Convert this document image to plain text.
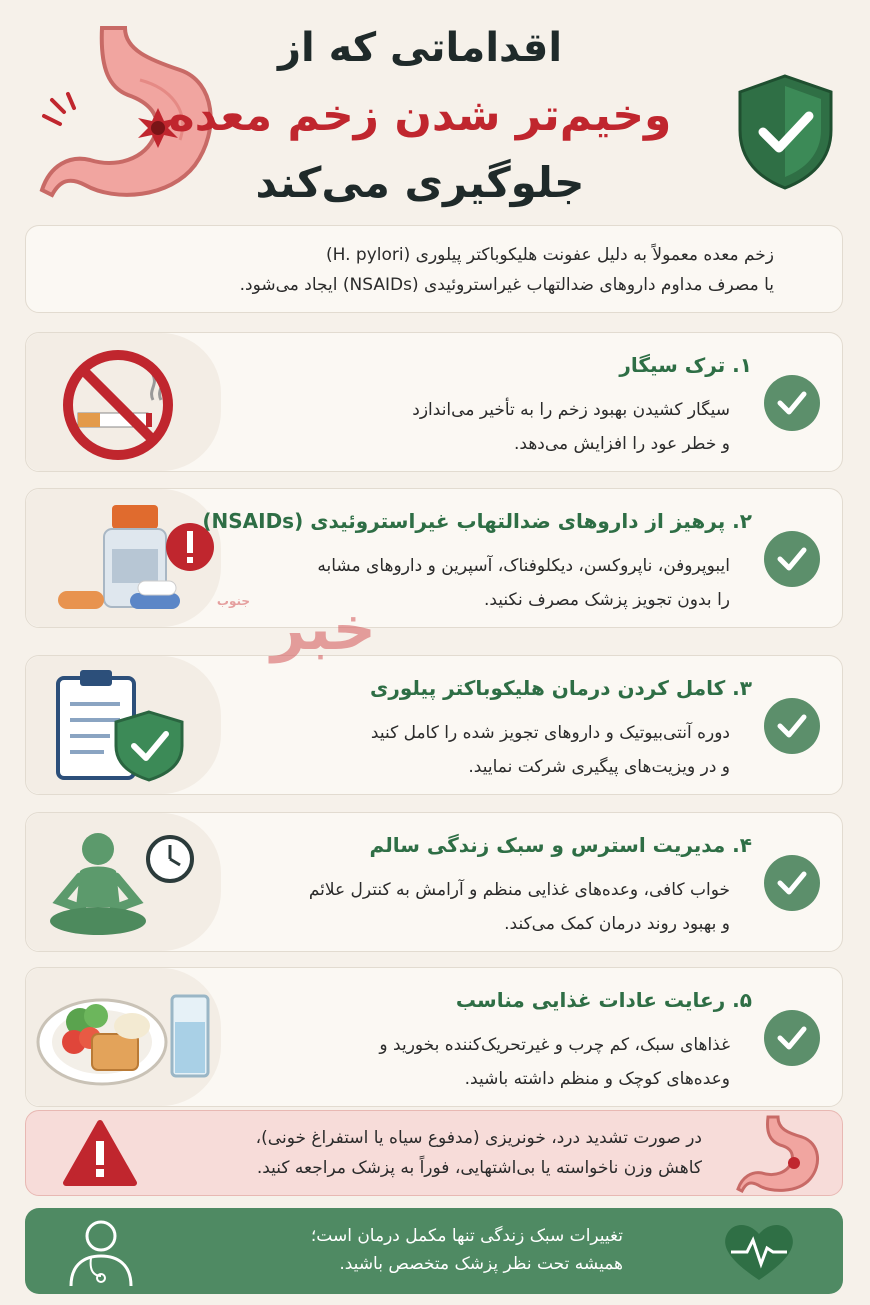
اقداماتی که از
وخیم‌تر شدن زخم معده
جلوگیری می‌کند
زخم معده معمولاً به دلیل عفونت هلیکوباکتر پیلوری (H. pylori)
یا مصرف مداوم داروهای ضدالتهاب غیراستروئیدی (NSAIDs) ایجاد می‌شود.
۱. ترک سیگار
سیگار کشیدن بهبود زخم را به تأخیر می‌اندازد
و خطر عود را افزایش می‌دهد.
۲. پرهیز از داروهای ضدالتهاب غیراستروئیدی (NSAIDs)
ایبوپروفن، ناپروکسن، دیکلوفناک، آسپرین و داروهای مشابه
را بدون تجویز پزشک مصرف نکنید.
۳. کامل کردن درمان هلیکوباکتر پیلوری
دوره آنتی‌بیوتیک و داروهای تجویز شده را کامل کنید
و در ویزیت‌های پیگیری شرکت نمایید.
۴. مدیریت استرس و سبک زندگی سالم
خواب کافی، وعده‌های غذایی منظم و آرامش به کنترل علائم
و بهبود روند درمان کمک می‌کند.
۵. رعایت عادات غذایی مناسب
غذاهای سبک، کم چرب و غیرتحریک‌کننده بخورید و
وعده‌های کوچک و منظم داشته باشید.
خبر $^{جنوب}$
در صورت تشدید درد، خونریزی (مدفوع سیاه یا استفراغ خونی)،
کاهش وزن ناخواسته یا بی‌اشتهایی، فوراً به پزشک مراجعه کنید.
تغییرات سبک زندگی تنها مکمل درمان است؛
همیشه تحت نظر پزشک متخصص باشید.
